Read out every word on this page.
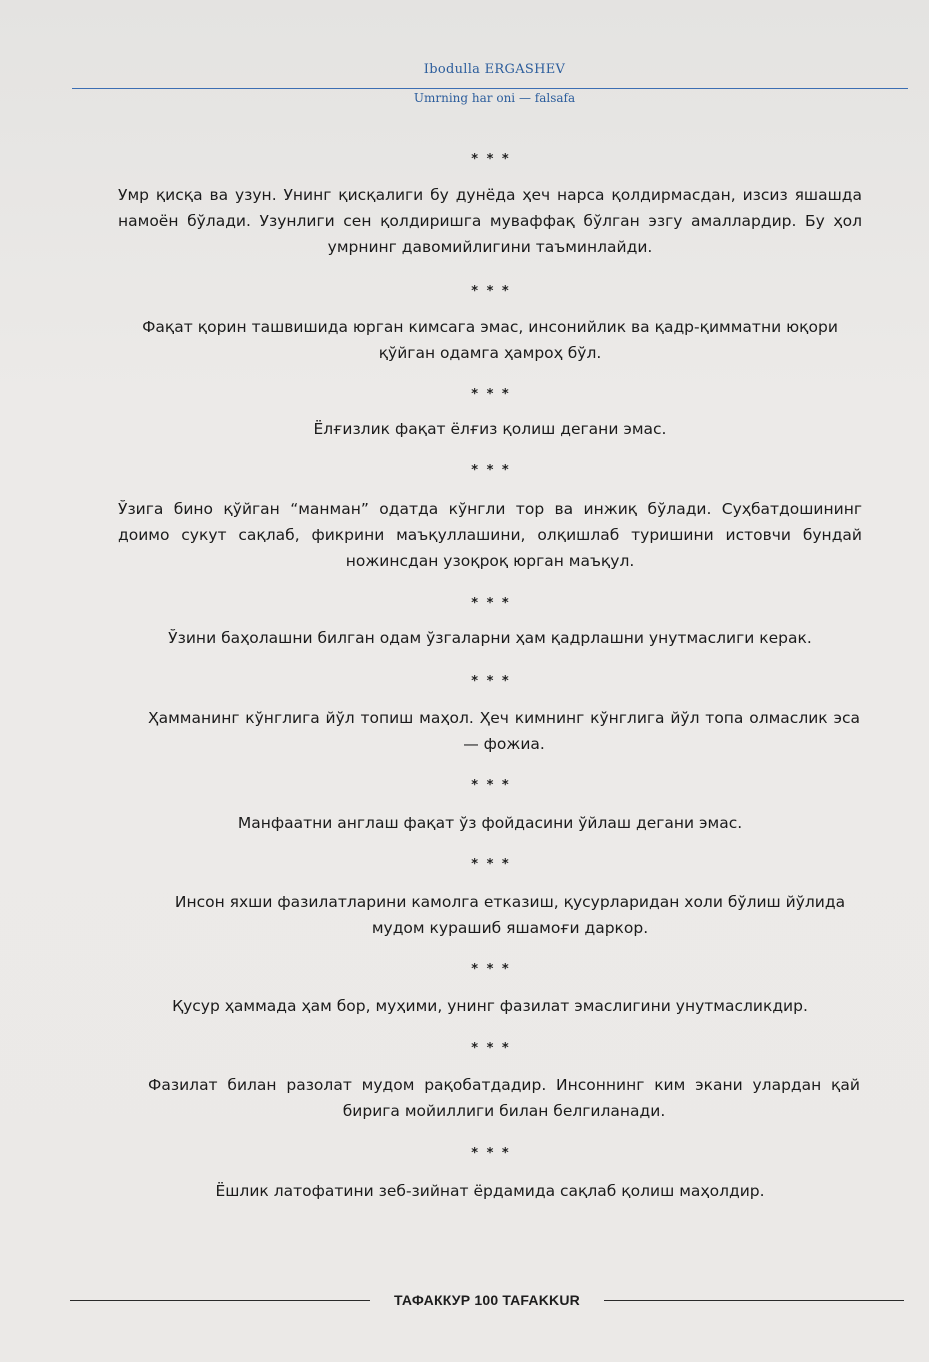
Ibodulla ERGASHEV
Umrning har oni — falsafa
* * *
Умр қисқа ва узун. Унинг қисқалиги бу дунёда ҳеч нарса қолдирмасдан, изсиз яшашда намоён бўлади. Узунлиги сен қолдиришга муваффақ бўлган эзгу амаллардир. Бу ҳол умрнинг давомийлигини таъминлайди.
* * *
Фақат қорин ташвишида юрган кимсага эмас, инсонийлик ва қадр-қимматни юқори қўйган одамга ҳамроҳ бўл.
* * *
Ёлғизлик фақат ёлғиз қолиш дегани эмас.
* * *
Ўзига бино қўйган “манман” одатда кўнгли тор ва инжиқ бўлади. Суҳбатдошининг доимо сукут сақлаб, фикрини маъқуллашини, олқишлаб туришини истовчи бундай ножинсдан узоқроқ юрган маъқул.
* * *
Ўзини баҳолашни билган одам ўзгаларни ҳам қадрлашни унутмаслиги керак.
* * *
Ҳамманинг кўнглига йўл топиш маҳол. Ҳеч кимнинг кўнглига йўл топа олмаслик эса — фожиа.
* * *
Манфаатни англаш фақат ўз фойдасини ўйлаш дегани эмас.
* * *
Инсон яхши фазилатларини камолга етказиш, қусурларидан холи бўлиш йўлида мудом курашиб яшамоғи даркор.
* * *
Қусур ҳаммада ҳам бор, муҳими, унинг фазилат эмаслигини унутмасликдир.
* * *
Фазилат билан разолат мудом рақобатдадир. Инсоннинг ким экани улардан қай бирига мойиллиги билан белгиланади.
* * *
Ёшлик латофатини зеб-зийнат ёрдамида сақлаб қолиш маҳолдир.
ТАФАККУР 100 TAFAKKUR
